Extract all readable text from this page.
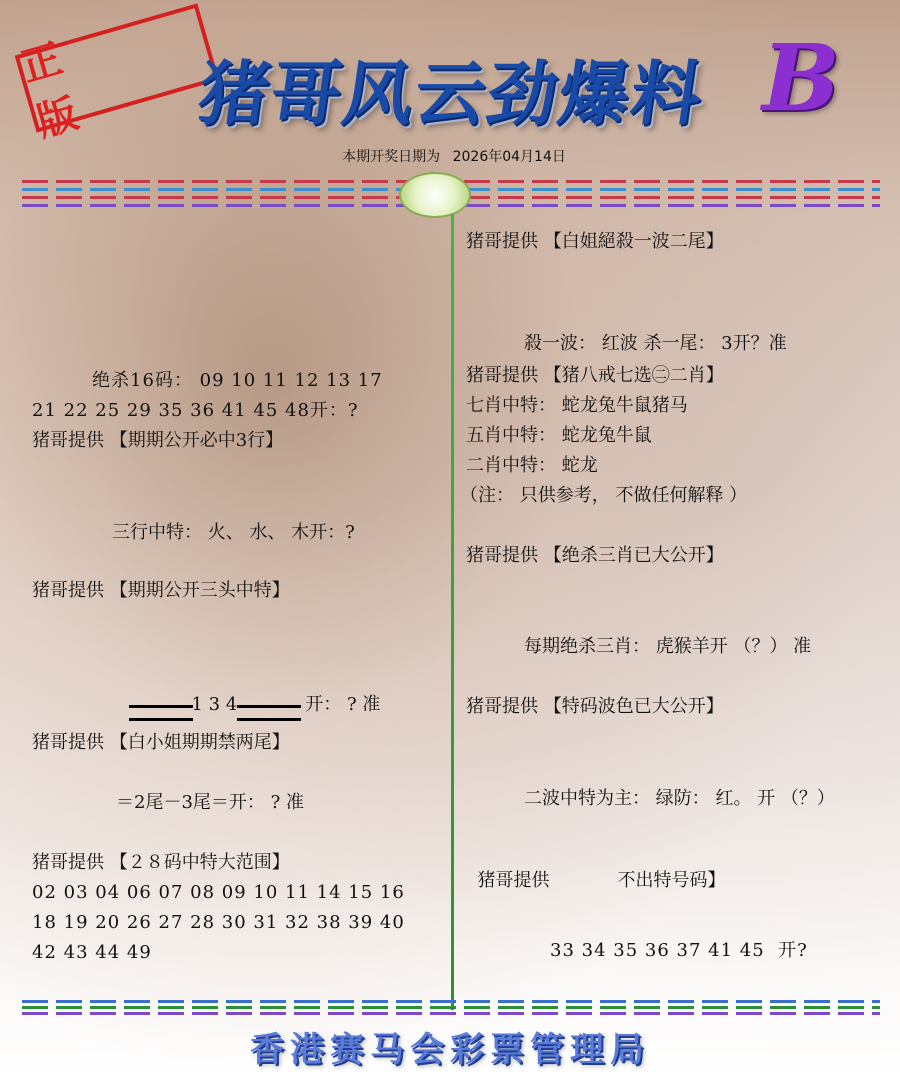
正 版	猪哥风云劲爆料 B
本期开奖日期为 2026年04月14日
绝杀16码： 09 10 11 12 13 17
21 22 25 29 35 36 41 45 48开：?
猪哥提供 【期期公开必中3行】
三行中特： 火、 水、 木开：?
猪哥提供 【期期公开三头中特】

1 3 4	开： ? 准

猪哥提供 【白小姐期期禁两尾】
＝2尾－3尾＝开： ? 准
猪哥提供 【２８码中特大范围】
02 03 04 06 07 08 09 10 11 14 15 16
18 19 20 26 27 28 30 31 32 38 39 40
42 43 44 49
猪哥提供 【白姐絕殺一波二尾】
殺一波： 红波 杀一尾： 3开？准
猪哥提供 【猪八戒七选㊁二肖】
七肖中特： 蛇龙兔牛鼠猪马
五肖中特： 蛇龙兔牛鼠
二肖中特： 蛇龙
（注： 只供参考， 不做任何解释 ）
猪哥提供 【绝杀三肖已大公开】
每期绝杀三肖： 虎猴羊开 （？） 准
猪哥提供 【特码波色已大公开】
二波中特为主： 绿防： 红。 开 （？）

猪哥提供	不出特号码】

33 34 35 36 37 41 45  开?
香港赛马会彩票管理局
